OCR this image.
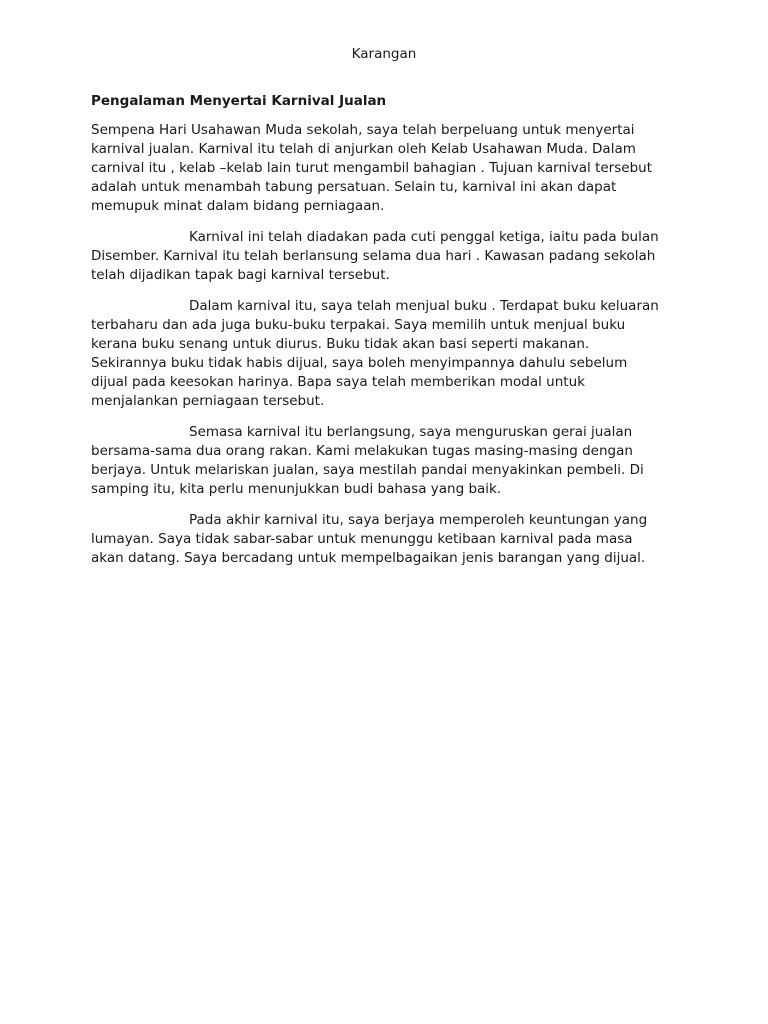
Karangan
Pengalaman Menyertai Karnival Jualan

Sempena Hari Usahawan Muda sekolah, saya telah berpeluang untuk menyertai
karnival jualan. Karnival itu telah di anjurkan oleh Kelab Usahawan Muda. Dalam
carnival itu , kelab –kelab lain turut mengambil bahagian . Tujuan karnival tersebut
adalah untuk menambah tabung persatuan. Selain tu, karnival ini akan dapat
memupuk minat dalam bidang perniagaan.

Karnival ini telah diadakan pada cuti penggal ketiga, iaitu pada bulan
Disember. Karnival itu telah berlansung selama dua hari . Kawasan padang sekolah
telah dijadikan tapak bagi karnival tersebut.

Dalam karnival itu, saya telah menjual buku . Terdapat buku keluaran
terbaharu dan ada juga buku-buku terpakai. Saya memilih untuk menjual buku
kerana buku senang untuk diurus. Buku tidak akan basi seperti makanan.
Sekirannya buku tidak habis dijual, saya boleh menyimpannya dahulu sebelum
dijual pada keesokan harinya. Bapa saya telah memberikan modal untuk
menjalankan perniagaan tersebut.

Semasa karnival itu berlangsung, saya menguruskan gerai jualan
bersama-sama dua orang rakan. Kami melakukan tugas masing-masing dengan
berjaya. Untuk melariskan jualan, saya mestilah pandai menyakinkan pembeli. Di
samping itu, kita perlu menunjukkan budi bahasa yang baik.

Pada akhir karnival itu, saya berjaya memperoleh keuntungan yang
lumayan. Saya tidak sabar-sabar untuk menunggu ketibaan karnival pada masa
akan datang. Saya bercadang untuk mempelbagaikan jenis barangan yang dijual.
